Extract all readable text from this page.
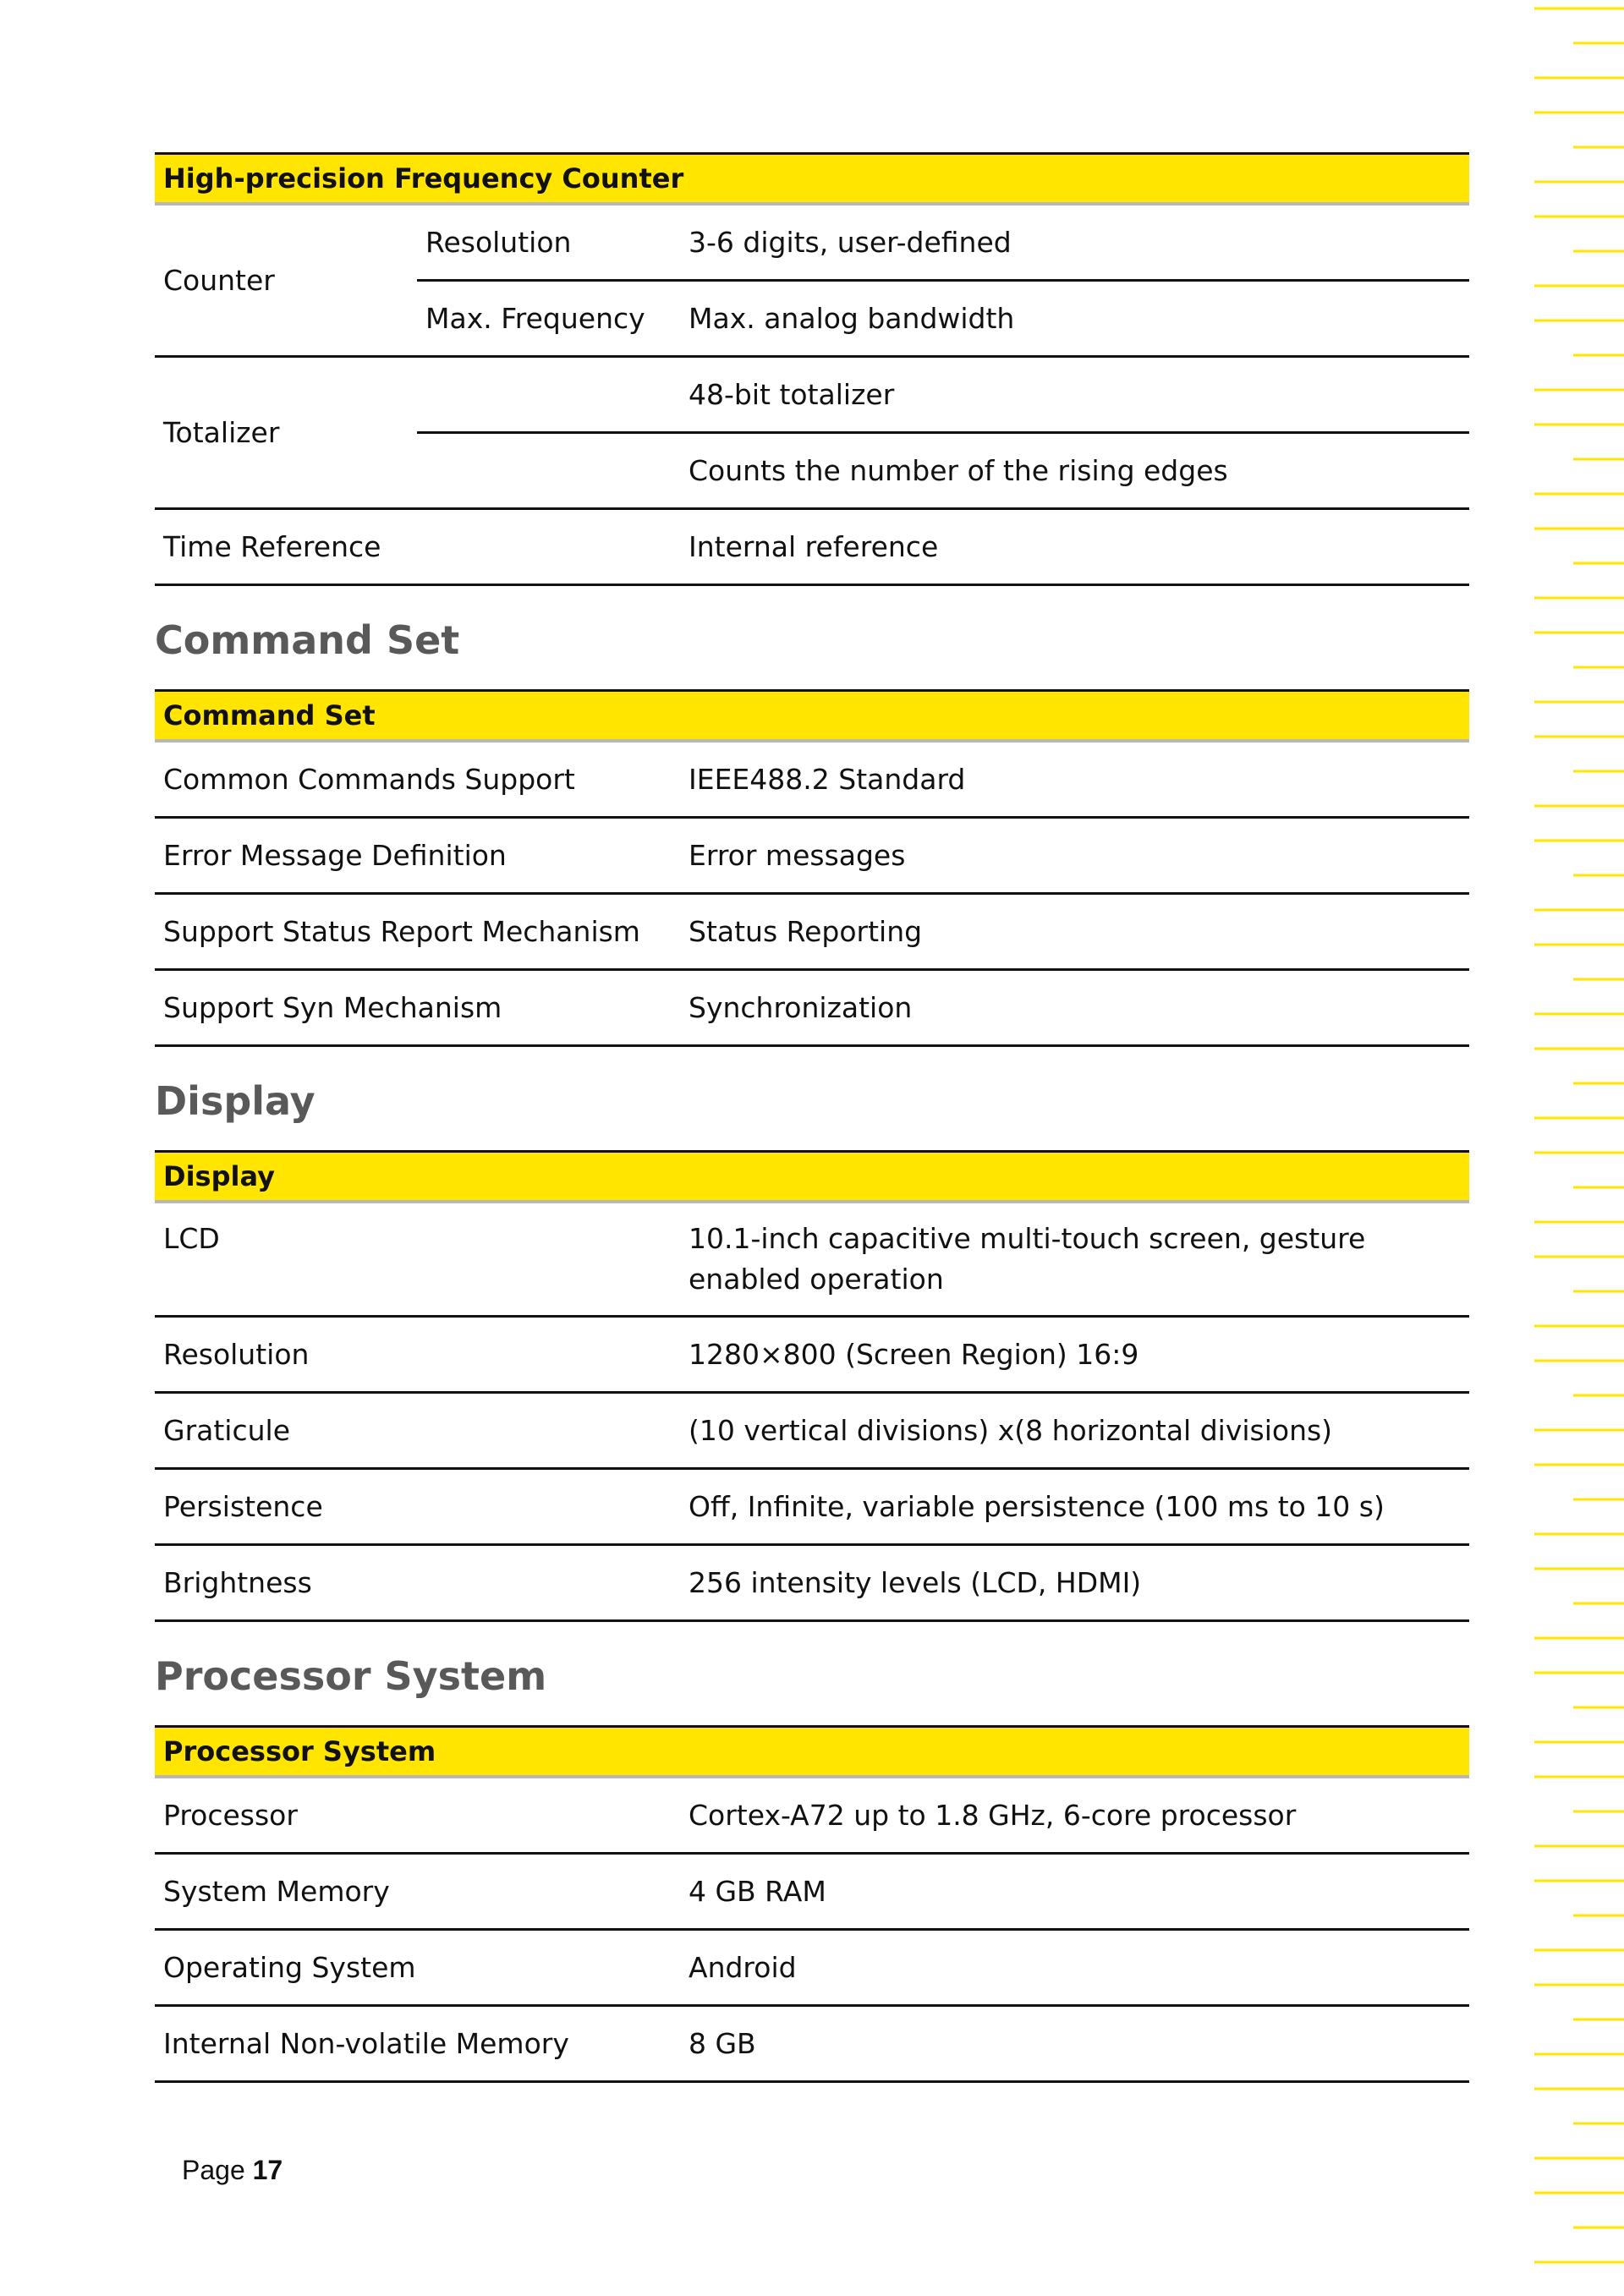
High-precision Frequency Counter		
Counter	Resolution	3-6 digits, user-defined
	Max. Frequency	Max. analog bandwidth
Totalizer		48-bit totalizer
		Counts the number of the rising edges
Time Reference		Internal reference
Command Set
Command Set	
Common Commands Support	IEEE488.2 Standard
Error Message Definition	Error messages
Support Status Report Mechanism	Status Reporting
Support Syn Mechanism	Synchronization
Display
Display	
LCD	10.1-inch capacitive multi-touch screen, gesture enabled operation
Resolution	1280×800 (Screen Region) 16:9
Graticule	(10 vertical divisions) x(8 horizontal divisions)
Persistence	Off, Infinite, variable persistence (100 ms to 10 s)
Brightness	256 intensity levels (LCD, HDMI)
Processor System
Processor System	
Processor	Cortex-A72 up to 1.8 GHz, 6-core processor
System Memory	4 GB RAM
Operating System	Android
Internal Non-volatile Memory	8 GB
Page 17
